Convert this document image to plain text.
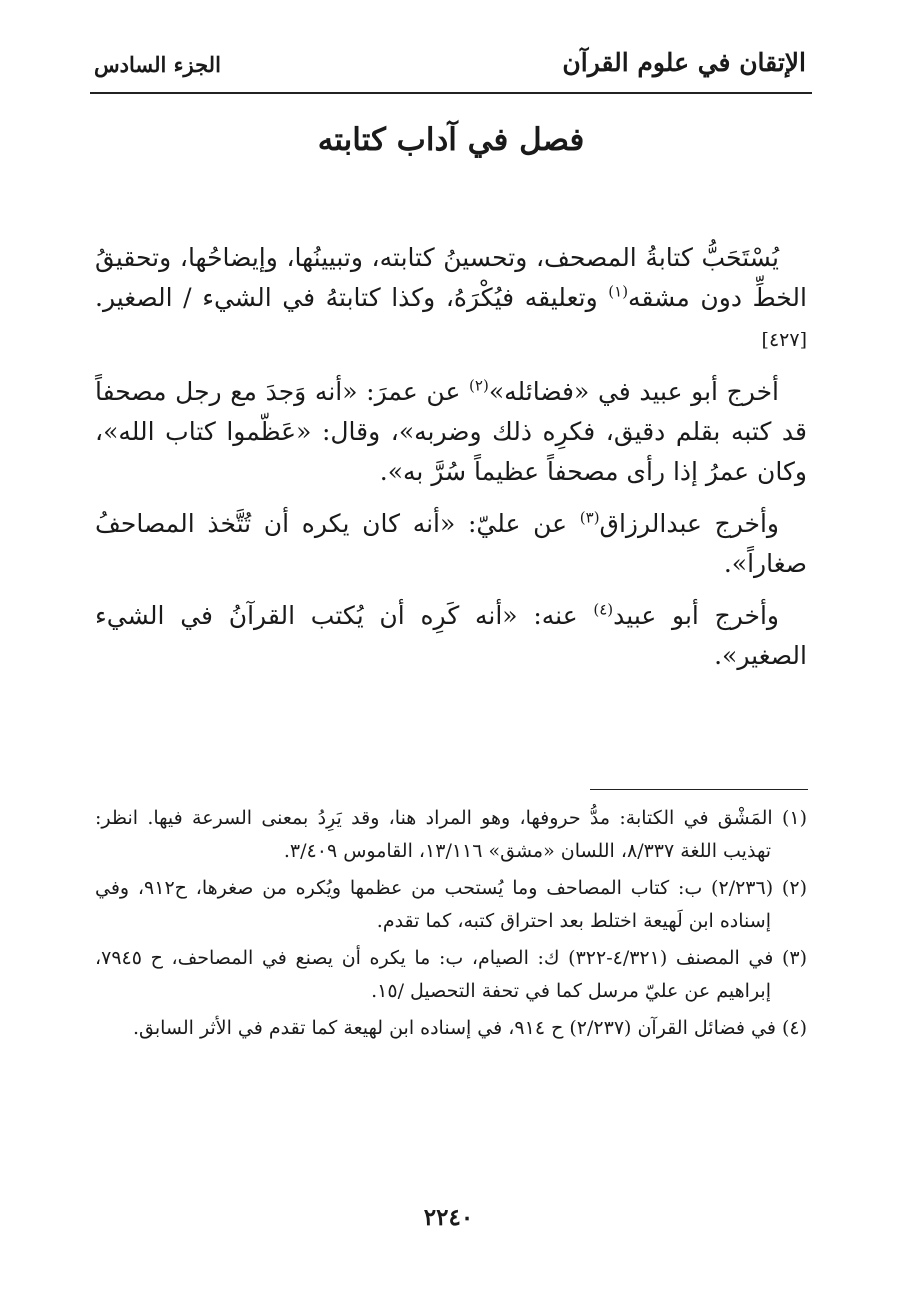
الإتقان في علوم القرآن
الجزء السادس
فصل في آداب كتابته

يُسْتَحَبُّ كتابةُ المصحف، وتحسينُ كتابته، وتبيينُها، وإيضاحُها، وتحقيقُ الخطِّ دون مشقه$^{(١)}$ وتعليقه فيُكْرَهُ، وكذا كتابتهُ في الشيء / الصغير. [٤٢٧]

أخرج أبو عبيد في «فضائله»$^{(٢)}$ عن عمرَ: «أنه وَجدَ مع رجل مصحفاً قد كتبه بقلم دقيق، فكرِه ذلك وضربه»، وقال: «عَظّموا كتاب الله»، وكان عمرُ إذا رأى مصحفاً عظيماً سُرَّ به».

وأخرج عبدالرزاق$^{(٣)}$ عن عليّ: «أنه كان يكره أن تُتَّخذ المصاحفُ صغاراً».

وأخرج أبو عبيد$^{(٤)}$ عنه: «أنه كَرِه أن يُكتب القرآنُ في الشيء الصغير».

(١) المَشْق في الكتابة: مدُّ حروفها، وهو المراد هنا، وقد يَرِدُ بمعنى السرعة فيها. انظر: تهذيب اللغة ٨/٣٣٧، اللسان «مشق» ١٣/١١٦، القاموس ٣/٤٠٩.

(٢) (٢/٢٣٦) ب: كتاب المصاحف وما يُستحب من عظمها ويُكره من صغرها، ح٩١٢، وفي إسناده ابن لَهيعة اختلط بعد احتراق كتبه، كما تقدم.

(٣) في المصنف (٤/٣٢١-٣٢٢) ك: الصيام، ب: ما يكره أن يصنع في المصاحف، ح ٧٩٤٥، إبراهيم عن عليّ مرسل كما في تحفة التحصيل /١٥.

(٤) في فضائل القرآن (٢/٢٣٧) ح ٩١٤، في إسناده ابن لهيعة كما تقدم في الأثر السابق.

٢٢٤٠
